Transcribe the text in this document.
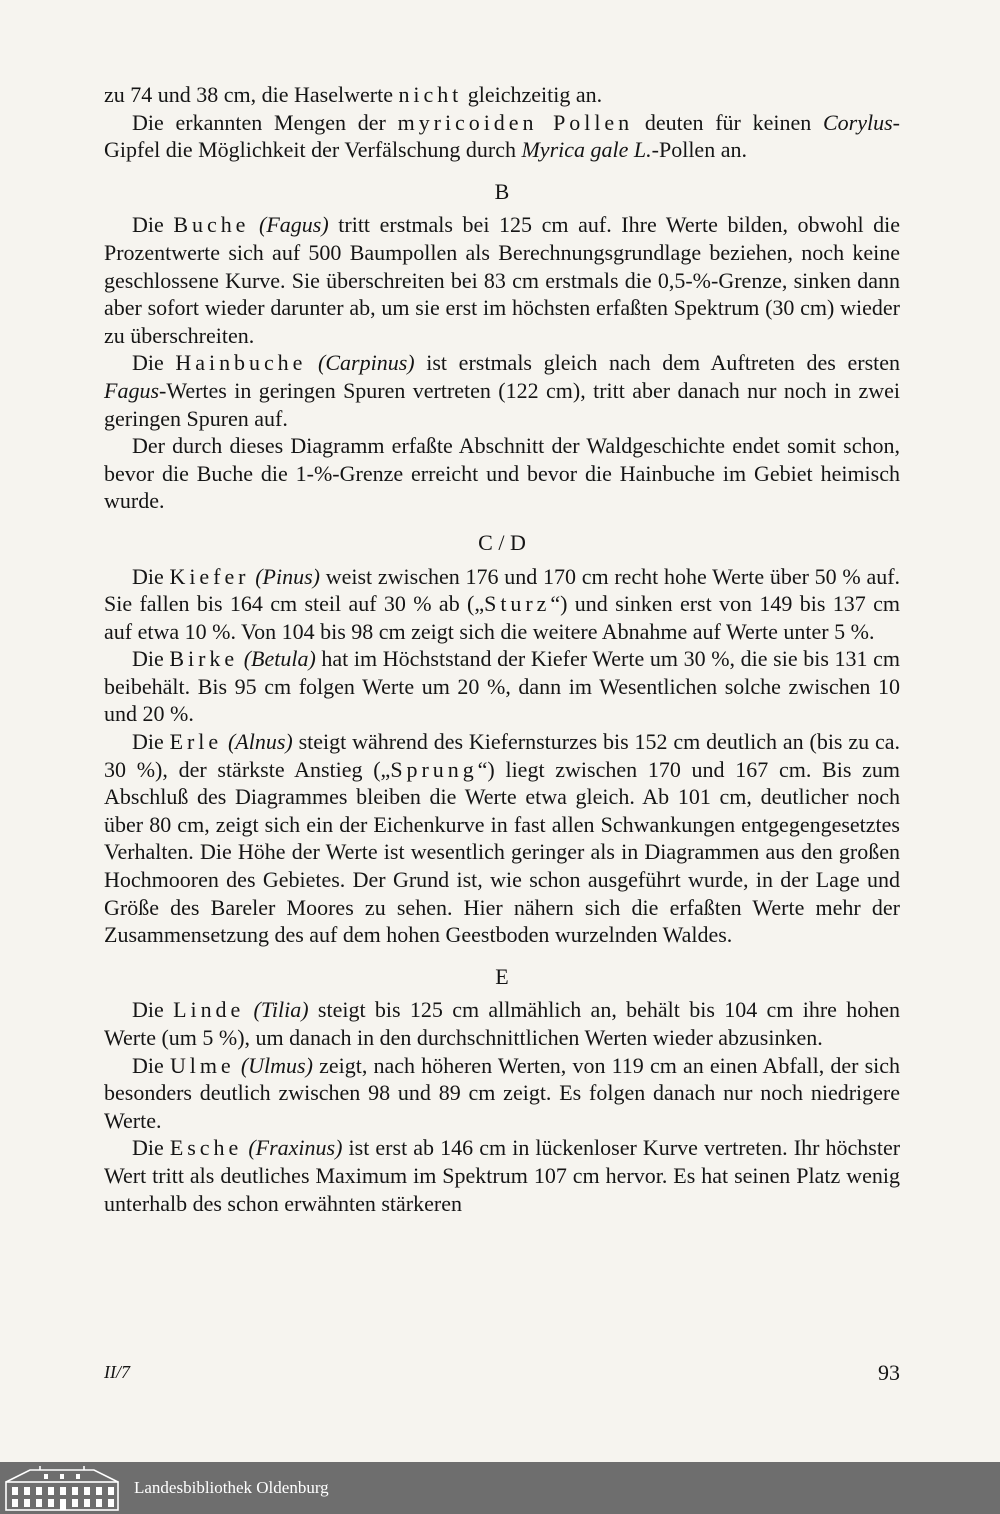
zu 74 und 38 cm, die Haselwerte nicht gleichzeitig an.

Die erkannten Mengen der myricoiden Pollen deuten für keinen Corylus-Gipfel die Möglichkeit der Verfälschung durch Myrica gale L.-Pollen an.

B

Die Buche (Fagus) tritt erstmals bei 125 cm auf. Ihre Werte bilden, obwohl die Prozentwerte sich auf 500 Baumpollen als Berechnungsgrundlage beziehen, noch keine geschlossene Kurve. Sie überschreiten bei 83 cm erstmals die 0,5-%-Grenze, sinken dann aber sofort wieder darunter ab, um sie erst im höchsten erfaßten Spektrum (30 cm) wieder zu überschreiten.

Die Hainbuche (Carpinus) ist erstmals gleich nach dem Auftreten des ersten Fagus-Wertes in geringen Spuren vertreten (122 cm), tritt aber danach nur noch in zwei geringen Spuren auf.

Der durch dieses Diagramm erfaßte Abschnitt der Waldgeschichte endet somit schon, bevor die Buche die 1-%-Grenze erreicht und bevor die Hainbuche im Gebiet heimisch wurde.

C / D

Die Kiefer (Pinus) weist zwischen 176 und 170 cm recht hohe Werte über 50 % auf. Sie fallen bis 164 cm steil auf 30 % ab („Sturz“) und sinken erst von 149 bis 137 cm auf etwa 10 %. Von 104 bis 98 cm zeigt sich die weitere Abnahme auf Werte unter 5 %.

Die Birke (Betula) hat im Höchststand der Kiefer Werte um 30 %, die sie bis 131 cm beibehält. Bis 95 cm folgen Werte um 20 %, dann im Wesentlichen solche zwischen 10 und 20 %.

Die Erle (Alnus) steigt während des Kiefernsturzes bis 152 cm deutlich an (bis zu ca. 30 %), der stärkste Anstieg („Sprung“) liegt zwischen 170 und 167 cm. Bis zum Abschluß des Diagrammes bleiben die Werte etwa gleich. Ab 101 cm, deutlicher noch über 80 cm, zeigt sich ein der Eichenkurve in fast allen Schwankungen entgegengesetztes Verhalten. Die Höhe der Werte ist wesentlich geringer als in Diagrammen aus den großen Hochmooren des Gebietes. Der Grund ist, wie schon ausgeführt wurde, in der Lage und Größe des Bareler Moores zu sehen. Hier nähern sich die erfaßten Werte mehr der Zusammensetzung des auf dem hohen Geestboden wurzelnden Waldes.

E

Die Linde (Tilia) steigt bis 125 cm allmählich an, behält bis 104 cm ihre hohen Werte (um 5 %), um danach in den durchschnittlichen Werten wieder abzusinken.

Die Ulme (Ulmus) zeigt, nach höheren Werten, von 119 cm an einen Abfall, der sich besonders deutlich zwischen 98 und 89 cm zeigt. Es folgen danach nur noch niedrigere Werte.

Die Esche (Fraxinus) ist erst ab 146 cm in lückenloser Kurve vertreten. Ihr höchster Wert tritt als deutliches Maximum im Spektrum 107 cm hervor. Es hat seinen Platz wenig unterhalb des schon erwähnten stärkeren

II/7	93
Landesbibliothek Oldenburg
